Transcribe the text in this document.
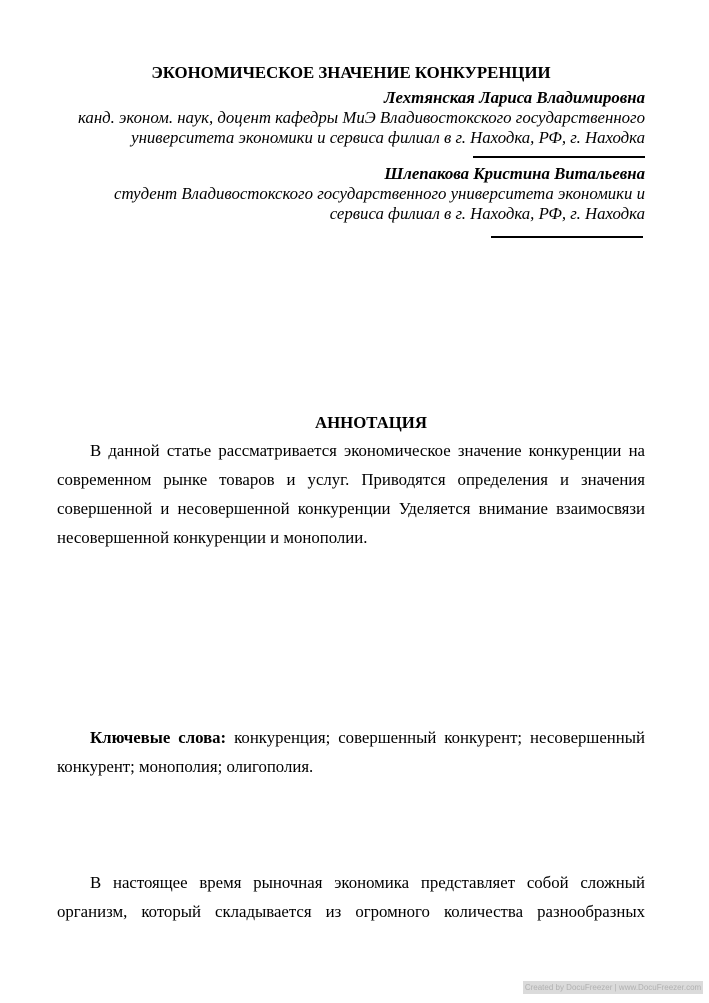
ЭКОНОМИЧЕСКОЕ ЗНАЧЕНИЕ КОНКУРЕНЦИИ
Лехтянская Лариса Владимировна
канд. эконом. наук, доцент кафедры МиЭ Владивостокского государственного
университета экономики и сервиса филиал в г. Находка, РФ, г. Находка
Шлепакова Кристина Витальевна
студент Владивостокского государственного университета экономики и
сервиса филиал в г. Находка, РФ, г. Находка
АННОТАЦИЯ
В данной статье рассматривается экономическое значение конкуренции на
современном рынке товаров и услуг. Приводятся определения и значения
совершенной и несовершенной конкуренции Уделяется внимание взаимосвязи
несовершенной конкуренции и монополии.
Ключевые слова: конкуренция; совершенный конкурент; несовершенный
конкурент; монополия; олигополия.
В настоящее время рыночная экономика представляет собой сложный
организм, который складывается из огромного количества разнообразных
Created by DocuFreezer | www.DocuFreezer.com
